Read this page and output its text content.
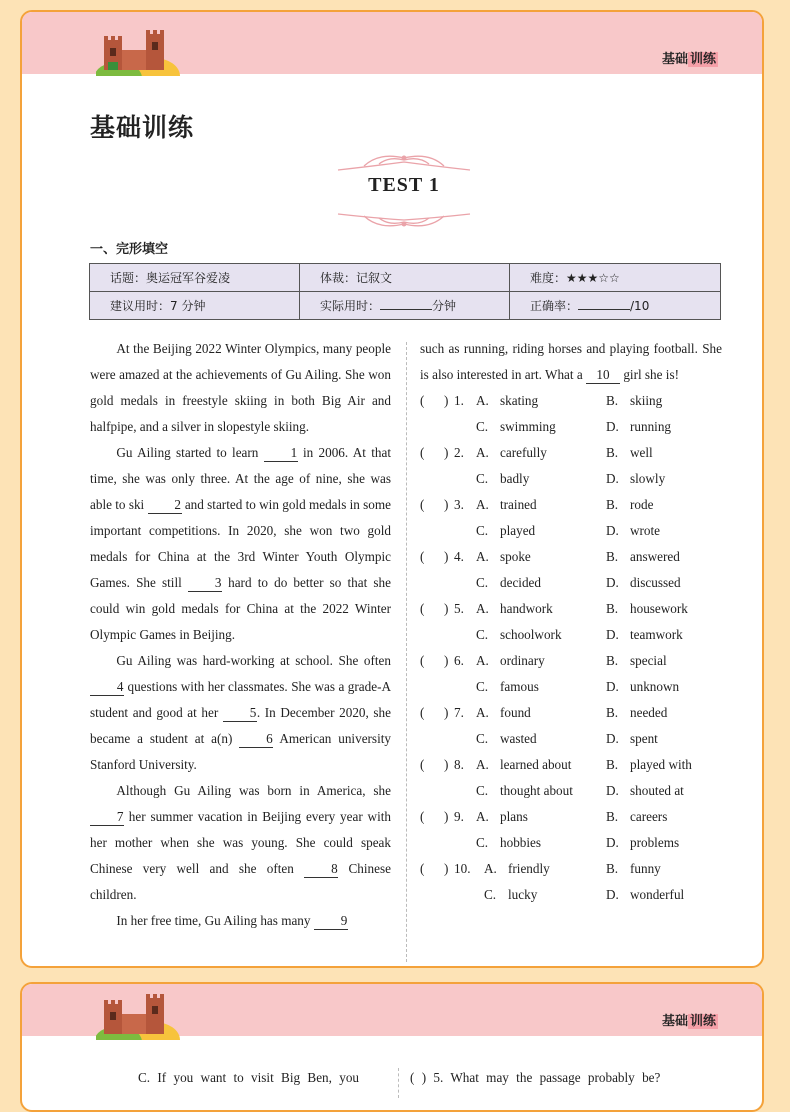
基础 训练
基础训练
TEST 1
一、完形填空
话题：奥运冠军谷爱凌	体裁：记叙文	难度：★★★☆☆
建议用时：7 分钟	实际用时： 分钟	正确率： /10

At the Beijing 2022 Winter Olympics, many people were amazed at the achievements of Gu Ailing. She won gold medals in freestyle skiing in both Big Air and halfpipe, and a silver in slopestyle skiing.

Gu Ailing started to learn 1 in 2006. At that time, she was only three. At the age of nine, she was able to ski 2 and started to win gold medals in some important competitions. In 2020, she won two gold medals for China at the 3rd Winter Youth Olympic Games. She still 3 hard to do better so that she could win gold medals for China at the 2022 Winter Olympic Games in Beijing.

Gu Ailing was hard-working at school. She often 4 questions with her classmates. She was a grade-A student and good at her 5. In December 2020, she became a student at a(n) 6 American university Stanford University.

Although Gu Ailing was born in America, she 7 her summer vacation in Beijing every year with her mother when she was young. She could speak Chinese very well and she often 8 Chinese children.

In her free time, Gu Ailing has many 9

such as running, riding horses and playing football. She is also interested in art. What a 10 girl she is!

( ) 1. A. skating	B. skiing
C. swimming	D. running
( ) 2. A. carefully	B. well
C. badly	D. slowly
( ) 3. A. trained	B. rode
C. played	D. wrote
( ) 4. A. spoke	B. answered
C. decided	D. discussed
( ) 5. A. handwork	B. housework
C. schoolwork	D. teamwork
( ) 6. A. ordinary	B. special
C. famous	D. unknown
( ) 7. A. found	B. needed
C. wasted	D. spent
( ) 8. A. learned about	B. played with
C. thought about	D. shouted at
( ) 9. A. plans	B. careers
C. hobbies	D. problems
( ) 10. A. friendly	B. funny
C. lucky	D. wonderful
基础 训练
C. If you want to visit Big Ben, you	( ) 5. What may the passage probably be?
